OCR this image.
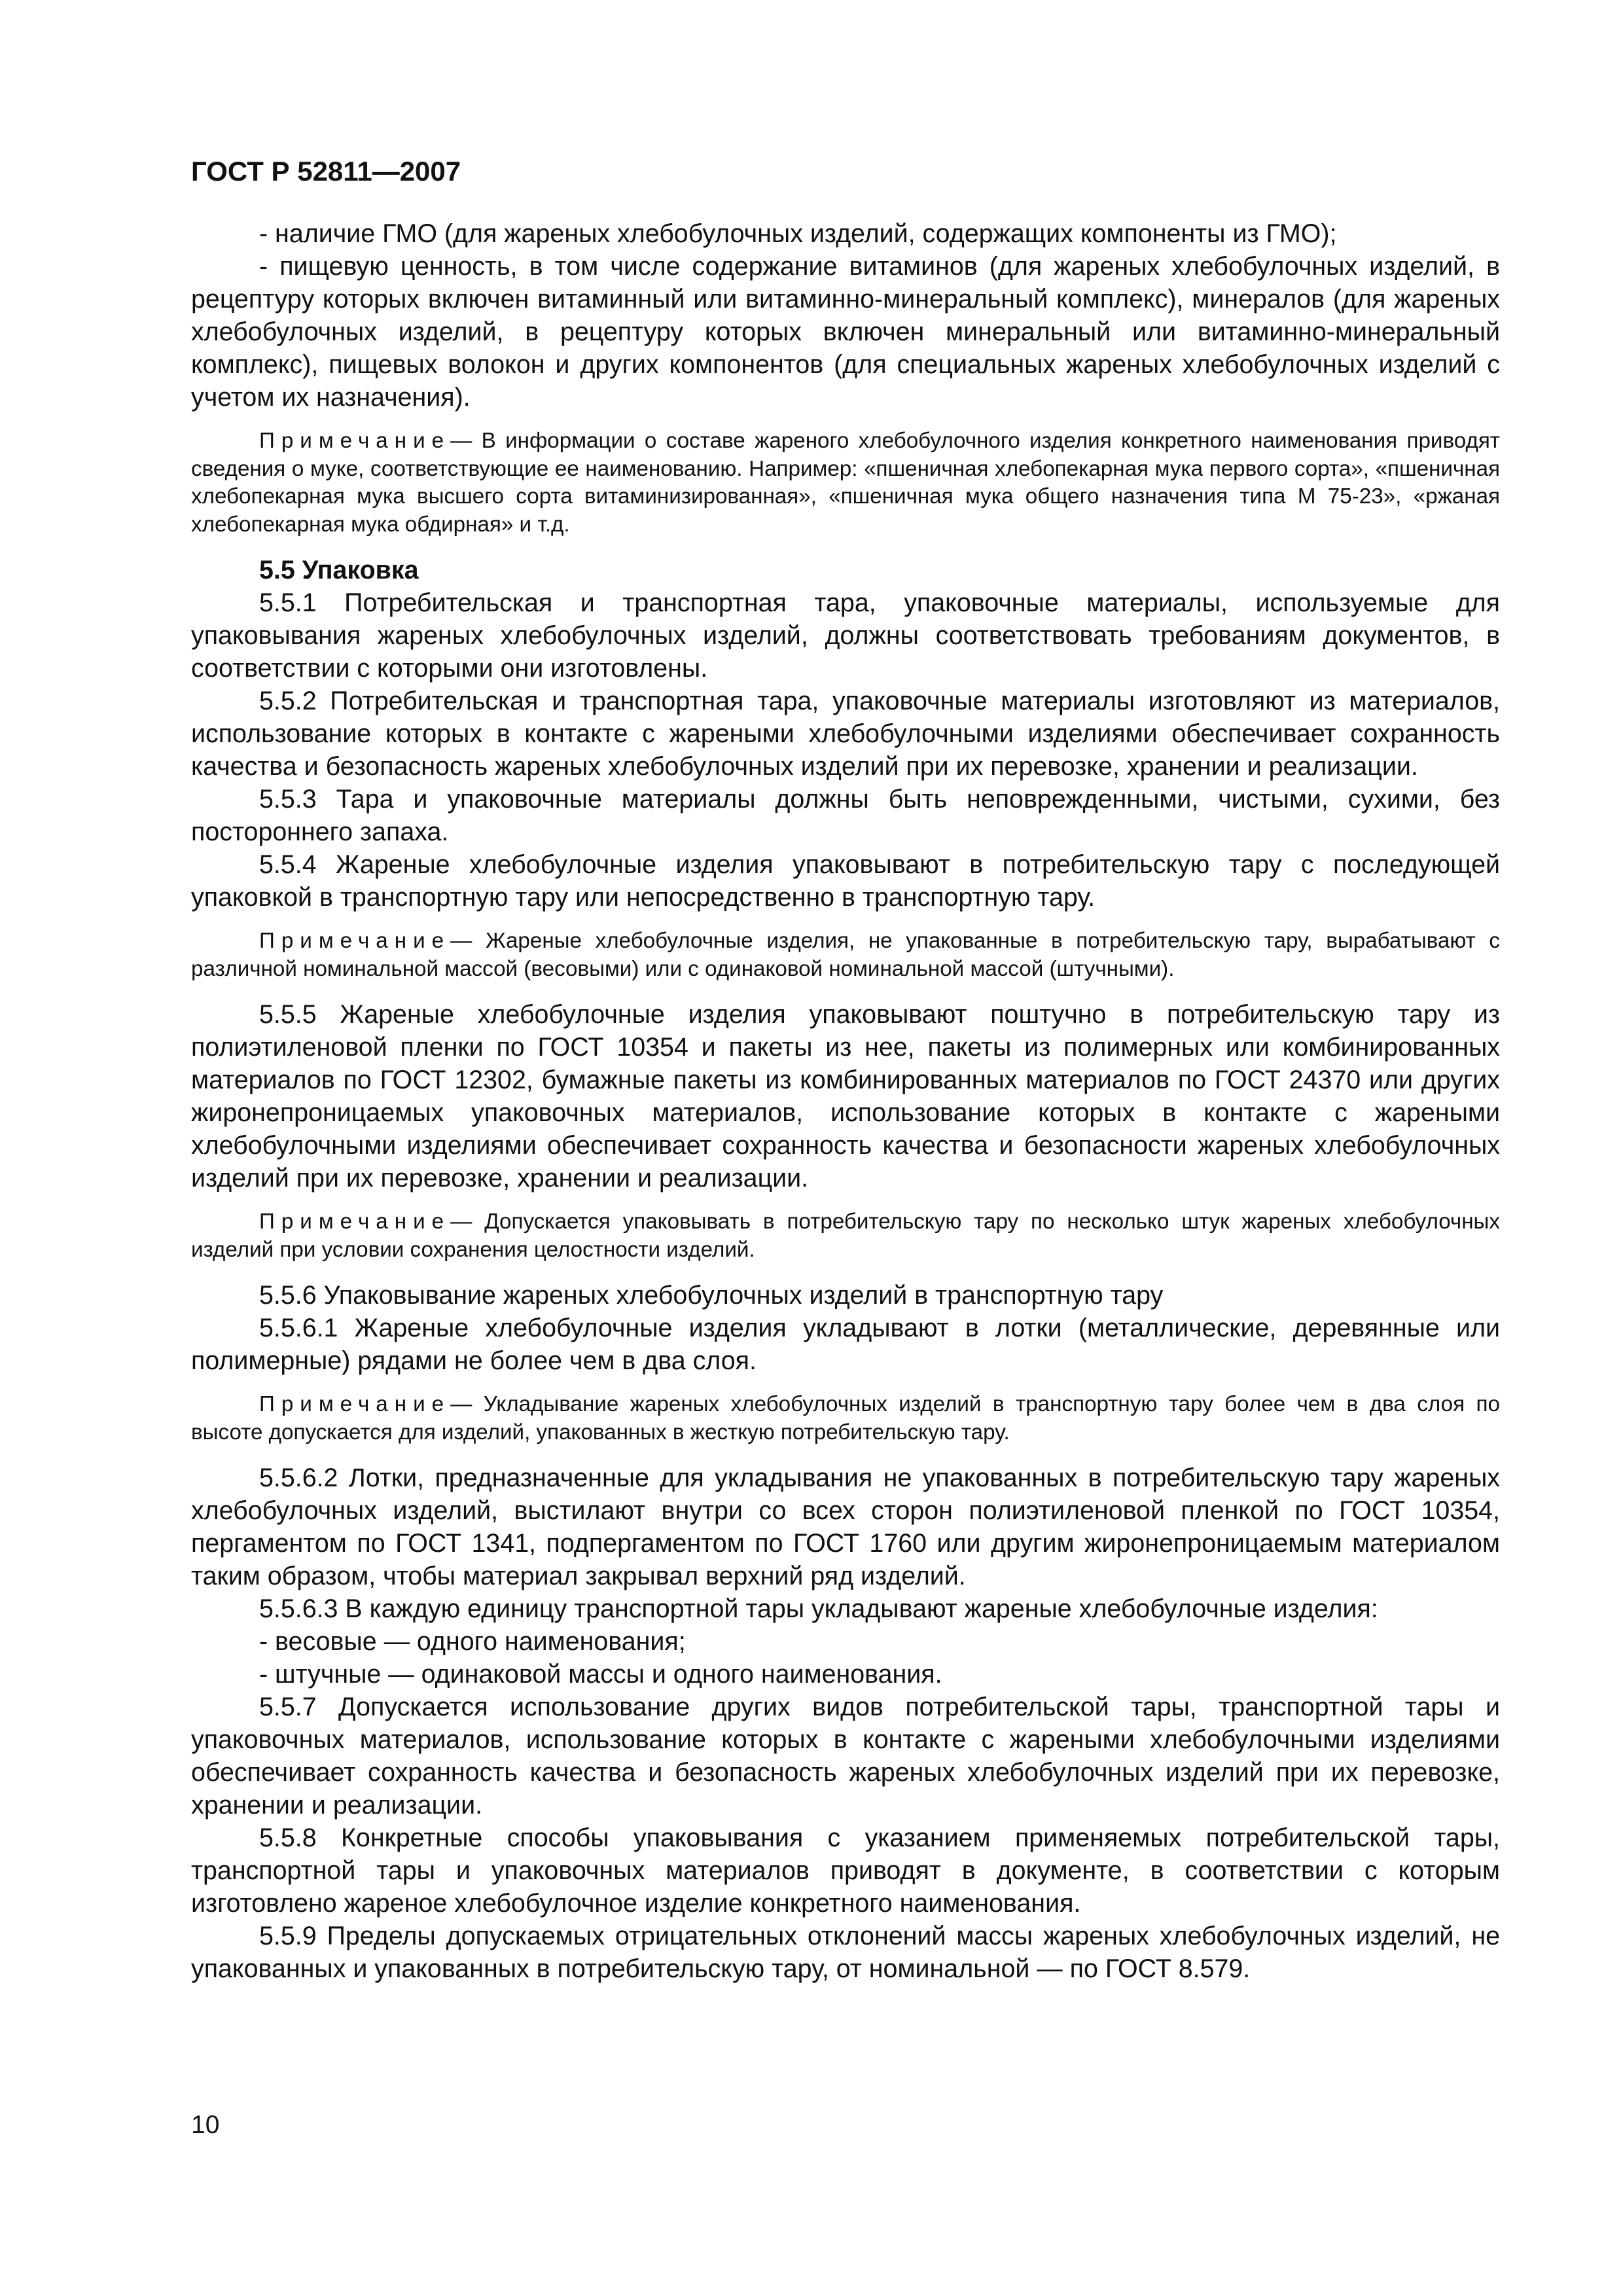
ГОСТ Р 52811—2007

- наличие ГМО (для жареных хлебобулочных изделий, содержащих компоненты из ГМО);

- пищевую ценность, в том числе содержание витаминов (для жареных хлебобулочных изделий, в рецептуру которых включен витаминный или витаминно-минеральный комплекс), минералов (для жареных хлебобулочных изделий, в рецептуру которых включен минеральный или витаминно-минеральный комплекс), пищевых волокон и других компонентов (для специальных жареных хлебобулочных изделий с учетом их назначения).

Примечание— В информации о составе жареного хлебобулочного изделия конкретного наименования приводят сведения о муке, соответствующие ее наименованию. Например: «пшеничная хлебопекарная мука первого сорта», «пшеничная хлебопекарная мука высшего сорта витаминизированная», «пшеничная мука общего назначения типа М 75-23», «ржаная хлебопекарная мука обдирная» и т.д.

5.5 Упаковка

5.5.1 Потребительская и транспортная тара, упаковочные материалы, используемые для упаковывания жареных хлебобулочных изделий, должны соответствовать требованиям документов, в соответствии с которыми они изготовлены.

5.5.2 Потребительская и транспортная тара, упаковочные материалы изготовляют из материалов, использование которых в контакте с жареными хлебобулочными изделиями обеспечивает сохранность качества и безопасность жареных хлебобулочных изделий при их перевозке, хранении и реализации.

5.5.3 Тара и упаковочные материалы должны быть неповрежденными, чистыми, сухими, без постороннего запаха.

5.5.4 Жареные хлебобулочные изделия упаковывают в потребительскую тару с последующей упаковкой в транспортную тару или непосредственно в транспортную тару.

Примечание— Жареные хлебобулочные изделия, не упакованные в потребительскую тару, вырабатывают с различной номинальной массой (весовыми) или с одинаковой номинальной массой (штучными).

5.5.5 Жареные хлебобулочные изделия упаковывают поштучно в потребительскую тару из полиэтиленовой пленки по ГОСТ 10354 и пакеты из нее, пакеты из полимерных или комбинированных материалов по ГОСТ 12302, бумажные пакеты из комбинированных материалов по ГОСТ 24370 или других жиронепроницаемых упаковочных материалов, использование которых в контакте с жареными хлебобулочными изделиями обеспечивает сохранность качества и безопасности жареных хлебобулочных изделий при их перевозке, хранении и реализации.

Примечание— Допускается упаковывать в потребительскую тару по несколько штук жареных хлебобулочных изделий при условии сохранения целостности изделий.

5.5.6 Упаковывание жареных хлебобулочных изделий в транспортную тару

5.5.6.1 Жареные хлебобулочные изделия укладывают в лотки (металлические, деревянные или полимерные) рядами не более чем в два слоя.

Примечание— Укладывание жареных хлебобулочных изделий в транспортную тару более чем в два слоя по высоте допускается для изделий, упакованных в жесткую потребительскую тару.

5.5.6.2 Лотки, предназначенные для укладывания не упакованных в потребительскую тару жареных хлебобулочных изделий, выстилают внутри со всех сторон полиэтиленовой пленкой по ГОСТ 10354, пергаментом по ГОСТ 1341, подпергаментом по ГОСТ 1760 или другим жиронепроницаемым материалом таким образом, чтобы материал закрывал верхний ряд изделий.

5.5.6.3 В каждую единицу транспортной тары укладывают жареные хлебобулочные изделия:

- весовые — одного наименования;

- штучные — одинаковой массы и одного наименования.

5.5.7 Допускается использование других видов потребительской тары, транспортной тары и упаковочных материалов, использование которых в контакте с жареными хлебобулочными изделиями обеспечивает сохранность качества и безопасность жареных хлебобулочных изделий при их перевозке, хранении и реализации.

5.5.8 Конкретные способы упаковывания с указанием применяемых потребительской тары, транспортной тары и упаковочных материалов приводят в документе, в соответствии с которым изготовлено жареное хлебобулочное изделие конкретного наименования.

5.5.9 Пределы допускаемых отрицательных отклонений массы жареных хлебобулочных изделий, не упакованных и упакованных в потребительскую тару, от номинальной — по ГОСТ 8.579.

10
